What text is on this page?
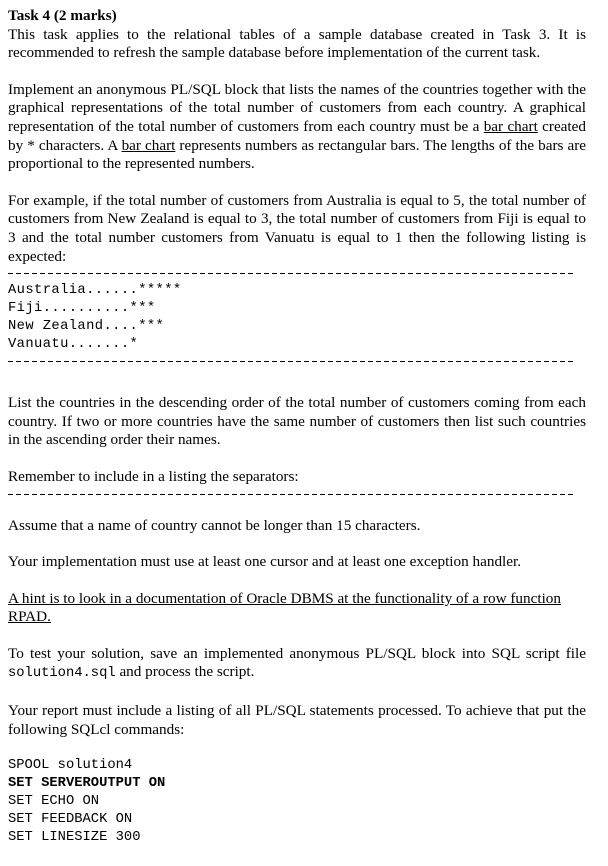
Task 4 (2 marks)

This task applies to the relational tables of a sample database created in Task 3. It is recommended to refresh the sample database before implementation of the current task.

Implement an anonymous PL/SQL block that lists the names of the countries together with the graphical representations of the total number of customers from each country. A graphical representation of the total number of customers from each country must be a bar chart created by * characters. A bar chart represents numbers as rectangular bars. The lengths of the bars are proportional to the represented numbers.

For example, if the total number of customers from Australia is equal to 5, the total number of customers from New Zealand is equal to 3, the total number of customers from Fiji is equal to 3 and the total number customers from Vanuatu is equal to 1 then the following listing is expected:

Australia......*****
Fiji..........***
New Zealand....***
Vanuatu.......*

List the countries in the descending order of the total number of customers coming from each country. If two or more countries have the same number of customers then list such countries in the ascending order their names.

Remember to include in a listing the separators:

Assume that a name of country cannot be longer than 15 characters.

Your implementation must use at least one cursor and at least one exception handler.

A hint is to look in a documentation of Oracle DBMS at the functionality of a row function RPAD.

To test your solution, save an implemented anonymous PL/SQL block into SQL script file solution4.sql and process the script.

Your report must include a listing of all PL/SQL statements processed. To achieve that put the following SQLcl commands:

SPOOL solution4
SET SERVEROUTPUT ON
SET ECHO ON
SET FEEDBACK ON
SET LINESIZE 300
